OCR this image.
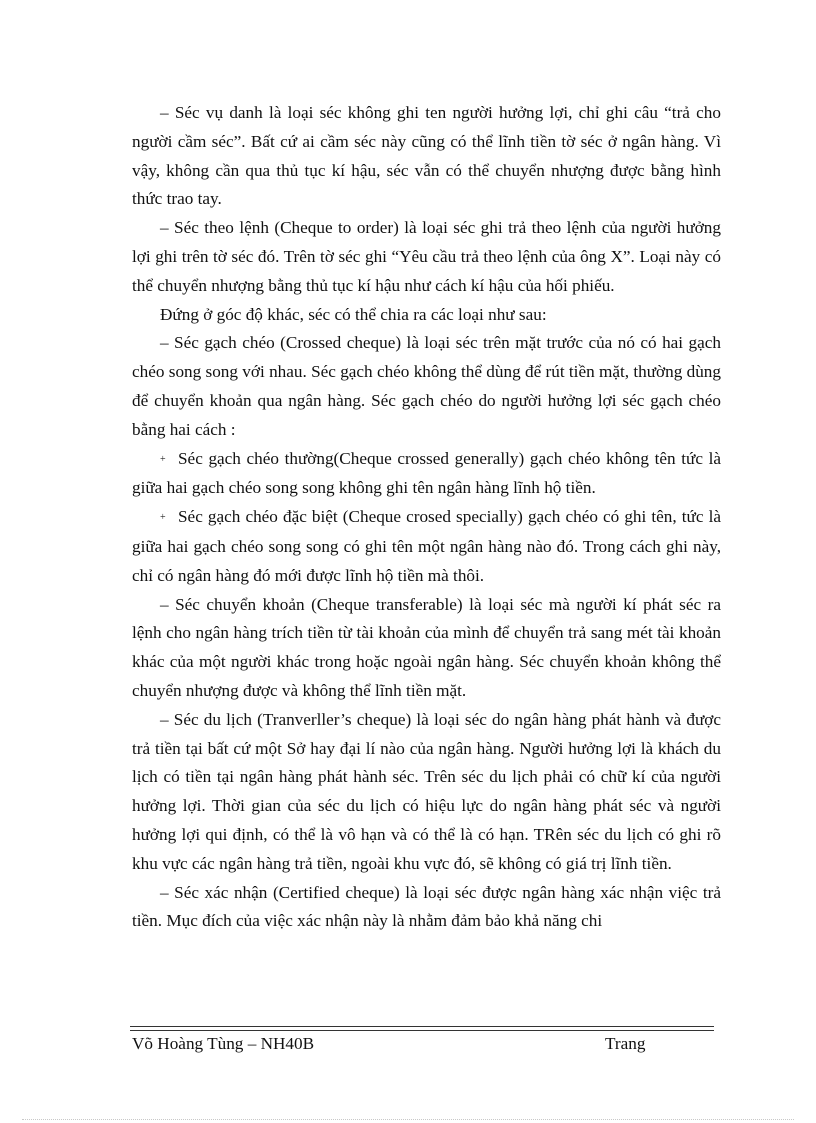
– Séc vụ danh là loại séc không ghi ten người hưởng lợi, chỉ ghi câu “trả cho người cầm séc”. Bất cứ ai cầm séc này cũng có thể lĩnh tiền tờ séc ở ngân hàng. Vì vậy, không cần qua thủ tục kí hậu, séc vẫn có thể chuyển nhượng được bằng hình thức trao tay.

– Séc theo lệnh (Cheque to order) là loại séc ghi trả theo lệnh của người hưởng lợi ghi trên tờ séc đó. Trên tờ séc ghi “Yêu cầu trả theo lệnh của ông X”. Loại này có thể chuyển nhượng bằng thủ tục kí hậu như cách kí hậu của hối phiếu.

Đứng ở góc độ khác, séc có thể chia ra các loại như sau:

– Séc gạch chéo (Crossed cheque) là loại séc trên mặt trước của nó có hai gạch chéo song song với nhau. Séc gạch chéo không thể dùng để rút tiền mặt, thường dùng để chuyển khoản qua ngân hàng. Séc gạch chéo do người hưởng lợi séc gạch chéo bằng hai cách :

+ Séc gạch chéo thường(Cheque crossed generally) gạch chéo không tên tức là giữa hai gạch chéo song song không ghi tên ngân hàng lĩnh hộ tiền.

+ Séc gạch chéo đặc biệt (Cheque crosed specially) gạch chéo có ghi tên, tức là giữa hai gạch chéo song song có ghi tên một ngân hàng nào đó. Trong cách ghi này, chỉ có ngân hàng đó mới được lĩnh hộ tiền mà thôi.

– Séc chuyển khoản (Cheque transferable) là loại séc mà người kí phát séc ra lệnh cho ngân hàng trích tiền từ tài khoản của mình để chuyển trả sang mét tài khoản khác của một người khác trong hoặc ngoài ngân hàng. Séc chuyển khoản không thể chuyển nhượng được và không thể lĩnh tiền mặt.

– Séc du lịch (Tranverller’s cheque) là loại séc do ngân hàng phát hành và được trả tiền tại bất cứ một Sở hay đại lí nào của ngân hàng. Người hưởng lợi là khách du lịch có tiền tại ngân hàng phát hành séc. Trên séc du lịch phải có chữ kí của người hưởng lợi. Thời gian của séc du lịch có hiệu lực do ngân hàng phát séc và người hưởng lợi qui định, có thể là vô hạn và có thể là có hạn. TRên séc du lịch có ghi rõ khu vực các ngân hàng trả tiền, ngoài khu vực đó, sẽ không có giá trị lĩnh tiền.

– Séc xác nhận (Certified cheque) là loại séc được ngân hàng xác nhận việc trả tiền. Mục đích của việc xác nhận này là nhằm đảm bảo khả năng chi

Võ Hoàng Tùng – NH40B	Trang
